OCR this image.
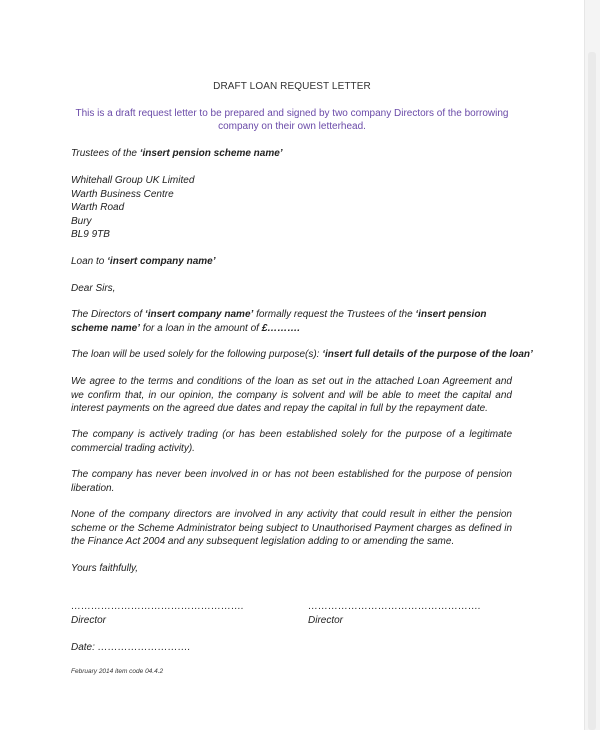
DRAFT LOAN REQUEST LETTER
This is a draft request letter to be prepared and signed by two company Directors of the borrowing
company on their own letterhead.
Trustees of the ‘insert pension scheme name’
Whitehall Group UK Limited
Warth Business Centre
Warth Road
Bury
BL9 9TB
Loan to ‘insert company name’
Dear Sirs,
The Directors of ‘insert company name’ formally request the Trustees of the ‘insert pension scheme name’ for a loan in the amount of £……….
The loan will be used solely for the following purpose(s): ‘insert full details of the purpose of the loan’
We agree to the terms and conditions of the loan as set out in the attached Loan Agreement and we confirm that, in our opinion, the company is solvent and will be able to meet the capital and interest payments on the agreed due dates and repay the capital in full by the repayment date.
The company is actively trading (or has been established solely for the purpose of a legitimate commercial trading activity).
The company has never been involved in or has not been established for the purpose of pension liberation.
None of the company directors are involved in any activity that could result in either the pension scheme or the Scheme Administrator being subject to Unauthorised Payment charges as defined in the Finance Act 2004 and any subsequent legislation adding to or amending the same.
Yours faithfully,
…………………………………………….	…………………………………………….
Director	Director
Date: ……………………….
February 2014 item code 04.4.2
